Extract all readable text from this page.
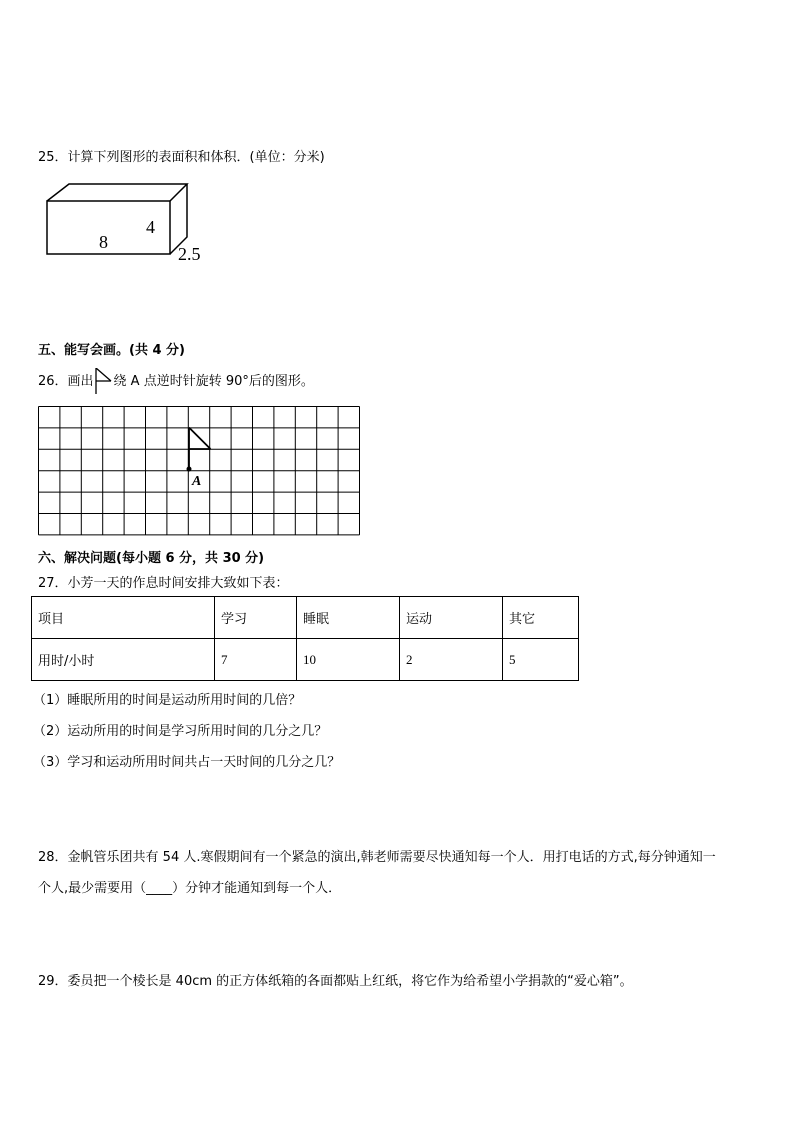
25．计算下列图形的表面积和体积．(单位：分米)
8
4
2.5
五、能写会画。(共 4 分)
26．画出 绕 A 点逆时针旋转 90°后的图形。
A
六、解决问题(每小题 6 分，共 30 分)
27．小芳一天的作息时间安排大致如下表：
项目	学习	睡眠	运动	其它
用时/小时	7	10	2	5
（1）睡眠所用的时间是运动所用时间的几倍？
（2）运动所用的时间是学习所用时间的几分之几？
（3）学习和运动所用时间共占一天时间的几分之几？
28．金帆管乐团共有 54 人.寒假期间有一个紧急的演出,韩老师需要尽快通知每一个人．用打电话的方式,每分钟通知一
个人,最少需要用（____）分钟才能通知到每一个人．
29．委员把一个棱长是 40cm 的正方体纸箱的各面都贴上红纸，将它作为给希望小学捐款的“爱心箱”。
